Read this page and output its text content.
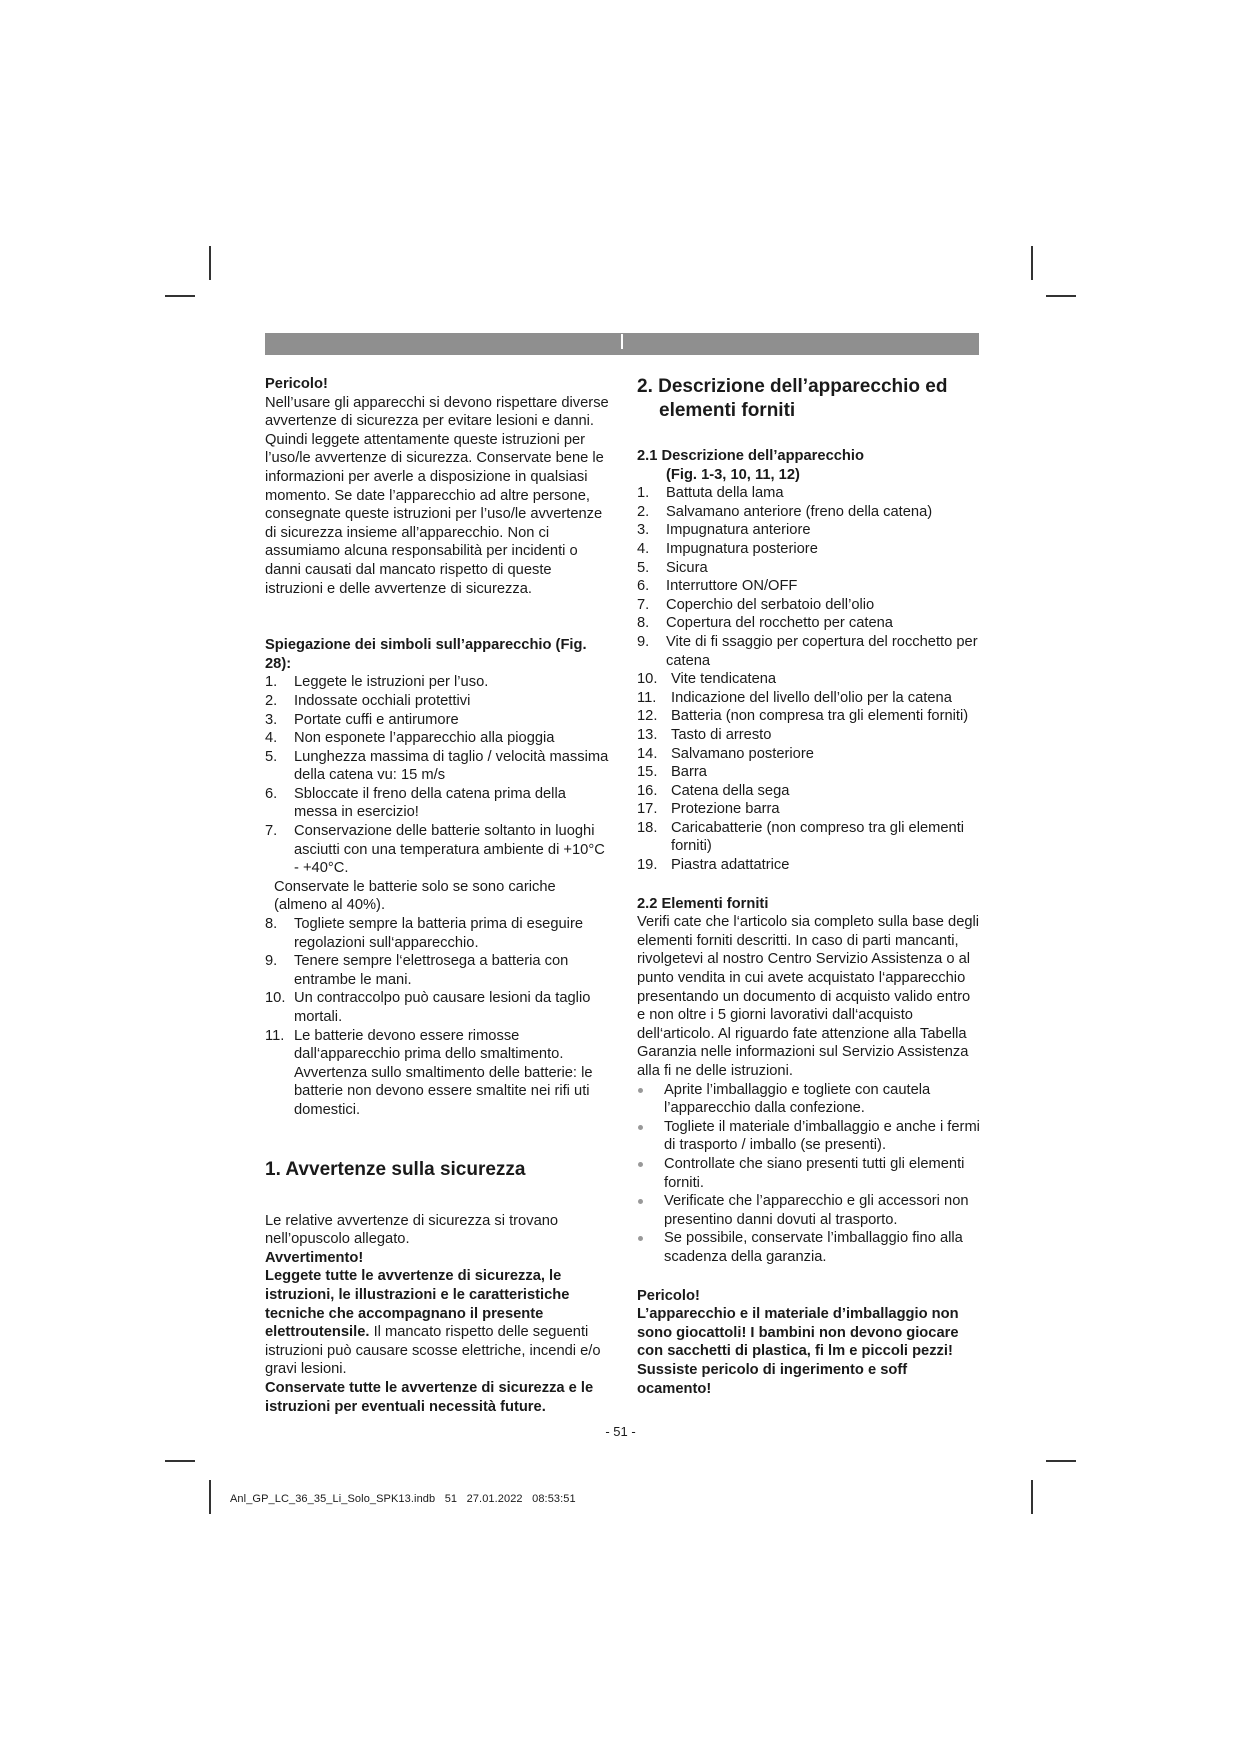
Pericolo!

Nell’usare gli apparecchi si devono rispettare diverse avvertenze di sicurezza per evitare lesioni e danni. Quindi leggete attentamente queste istruzioni per l’uso/le avvertenze di sicurezza. Conservate bene le informazioni per averle a disposizione in qualsiasi momento. Se date l’apparecchio ad altre persone, consegnate queste istruzioni per l’uso/le avvertenze di sicurezza insieme all’apparecchio. Non ci assumiamo alcuna responsabilità per incidenti o danni causati dal mancato rispetto di queste istruzioni e delle avvertenze di sicurezza.

Spiegazione dei simboli sull’apparecchio (Fig. 28):

1. Leggete le istruzioni per l’uso.
2. Indossate occhiali protettivi
3. Portate cuffi e antirumore
4. Non esponete l’apparecchio alla pioggia
5. Lunghezza massima di taglio / velocità massima della catena vu: 15 m/s
6. Sbloccate il freno della catena prima della messa in esercizio!
7. Conservazione delle batterie soltanto in luoghi asciutti con una temperatura ambiente di +10°C - +40°C.
Conservate le batterie solo se sono cariche (almeno al 40%).
8. Togliete sempre la batteria prima di eseguire regolazioni sull‘apparecchio.
9. Tenere sempre l‘elettrosega a batteria con entrambe le mani.
10. Un contraccolpo può causare lesioni da taglio mortali.
11. Le batterie devono essere rimosse dall‘apparecchio prima dello smaltimento.
Avvertenza sullo smaltimento delle batterie: le batterie non devono essere smaltite nei rifi uti domestici.

1. Avvertenze sulla sicurezza

Le relative avvertenze di sicurezza si trovano nell’opuscolo allegato.

Avvertimento!

Leggete tutte le avvertenze di sicurezza, le istruzioni, le illustrazioni e le caratteristiche tecniche che accompagnano il presente elettroutensile. Il mancato rispetto delle seguenti istruzioni può causare scosse elettriche, incendi e/o gravi lesioni.

Conservate tutte le avvertenze di sicurezza e le istruzioni per eventuali necessità future.

2. Descrizione dell’apparecchio ed
elementi forniti

2.1 Descrizione dell’apparecchio
(Fig. 1-3, 10, 11, 12)

1. Battuta della lama
2. Salvamano anteriore (freno della catena)
3. Impugnatura anteriore
4. Impugnatura posteriore
5. Sicura
6. Interruttore ON/OFF
7. Coperchio del serbatoio dell’olio
8. Copertura del rocchetto per catena
9. Vite di fi ssaggio per copertura del rocchetto per catena
10. Vite tendicatena
11. Indicazione del livello dell’olio per la catena
12. Batteria (non compresa tra gli elementi forniti)
13. Tasto di arresto
14. Salvamano posteriore
15. Barra
16. Catena della sega
17. Protezione barra
18. Caricabatterie (non compreso tra gli elementi forniti)
19. Piastra adattatrice

2.2 Elementi forniti

Verifi cate che l‘articolo sia completo sulla base degli elementi forniti descritti. In caso di parti mancanti, rivolgetevi al nostro Centro Servizio Assistenza o al punto vendita in cui avete acquistato l‘apparecchio presentando un documento di acquisto valido entro e non oltre i 5 giorni lavorativi dall‘acquisto dell‘articolo. Al riguardo fate attenzione alla Tabella Garanzia nelle informazioni sul Servizio Assistenza alla fi ne delle istruzioni.

Aprite l’imballaggio e togliete con cautela l’apparecchio dalla confezione.
Togliete il materiale d’imballaggio e anche i fermi di trasporto / imballo (se presenti).
Controllate che siano presenti tutti gli elementi forniti.
Verificate che l’apparecchio e gli accessori non presentino danni dovuti al trasporto.
Se possibile, conservate l’imballaggio fino alla scadenza della garanzia.

Pericolo!

L’apparecchio e il materiale d’imballaggio non sono giocattoli! I bambini non devono giocare con sacchetti di plastica, fi lm e piccoli pezzi! Sussiste pericolo di ingerimento e soff ocamento!

- 51 -
Anl_GP_LC_36_35_Li_Solo_SPK13.indb   51   27.01.2022   08:53:51
